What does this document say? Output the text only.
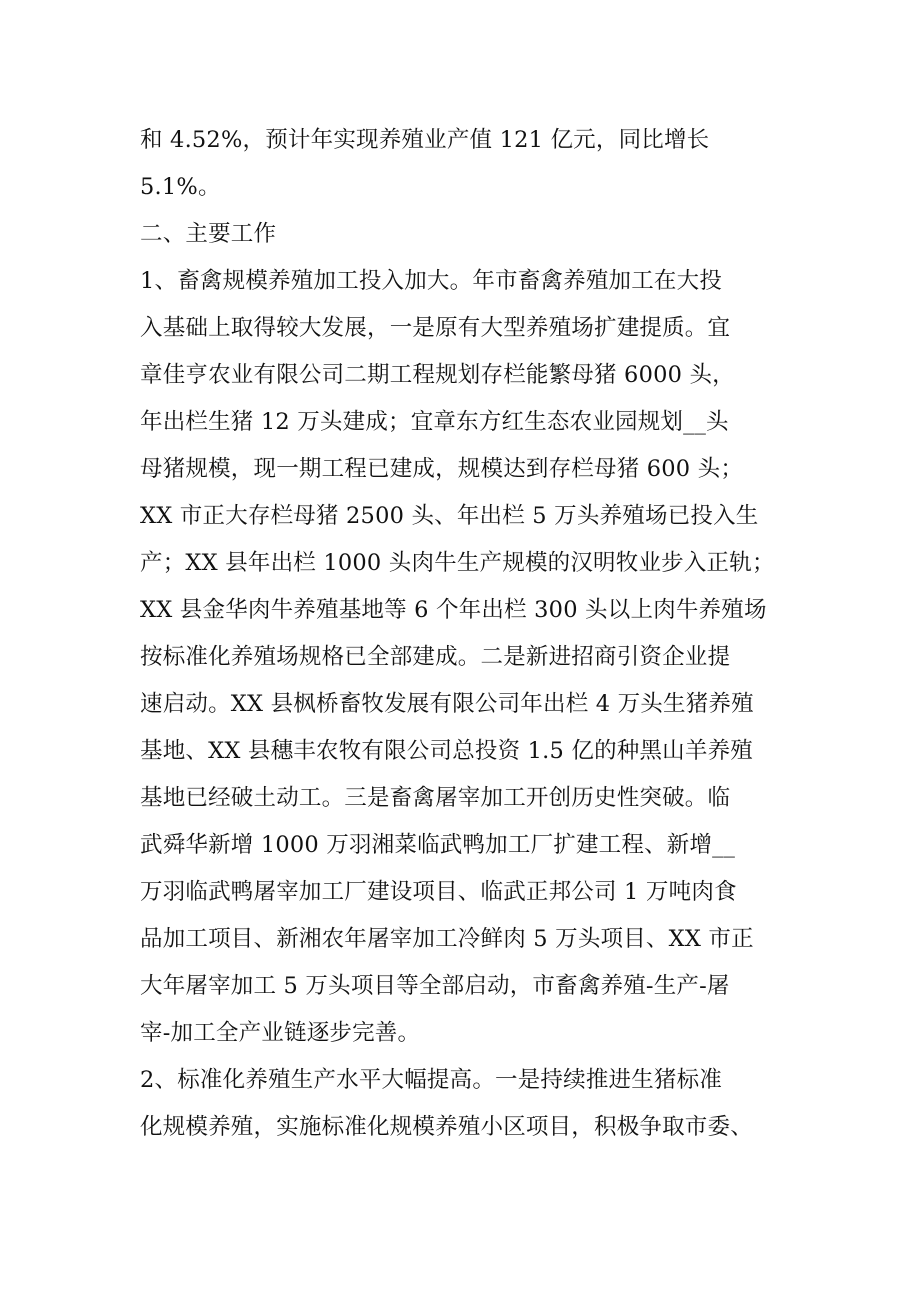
和 4.52%，预计年实现养殖业产值 121 亿元，同比增长
5.1%。
二、主要工作
1、畜禽规模养殖加工投入加大。年市畜禽养殖加工在大投
入基础上取得较大发展，一是原有大型养殖场扩建提质。宜
章佳亨农业有限公司二期工程规划存栏能繁母猪 6000 头，
年出栏生猪 12 万头建成；宜章东方红生态农业园规划__头
母猪规模，现一期工程已建成，规模达到存栏母猪 600 头；
XX 市正大存栏母猪 2500 头、年出栏 5 万头养殖场已投入生
产；XX 县年出栏 1000 头肉牛生产规模的汉明牧业步入正轨；
XX 县金华肉牛养殖基地等 6 个年出栏 300 头以上肉牛养殖场
按标准化养殖场规格已全部建成。二是新进招商引资企业提
速启动。XX 县枫桥畜牧发展有限公司年出栏 4 万头生猪养殖
基地、XX 县穗丰农牧有限公司总投资 1.5 亿的种黑山羊养殖
基地已经破土动工。三是畜禽屠宰加工开创历史性突破。临
武舜华新增 1000 万羽湘菜临武鸭加工厂扩建工程、新增__
万羽临武鸭屠宰加工厂建设项目、临武正邦公司 1 万吨肉食
品加工项目、新湘农年屠宰加工冷鲜肉 5 万头项目、XX 市正
大年屠宰加工 5 万头项目等全部启动，市畜禽养殖-生产-屠
宰-加工全产业链逐步完善。
2、标准化养殖生产水平大幅提高。一是持续推进生猪标准
化规模养殖，实施标准化规模养殖小区项目，积极争取市委、
